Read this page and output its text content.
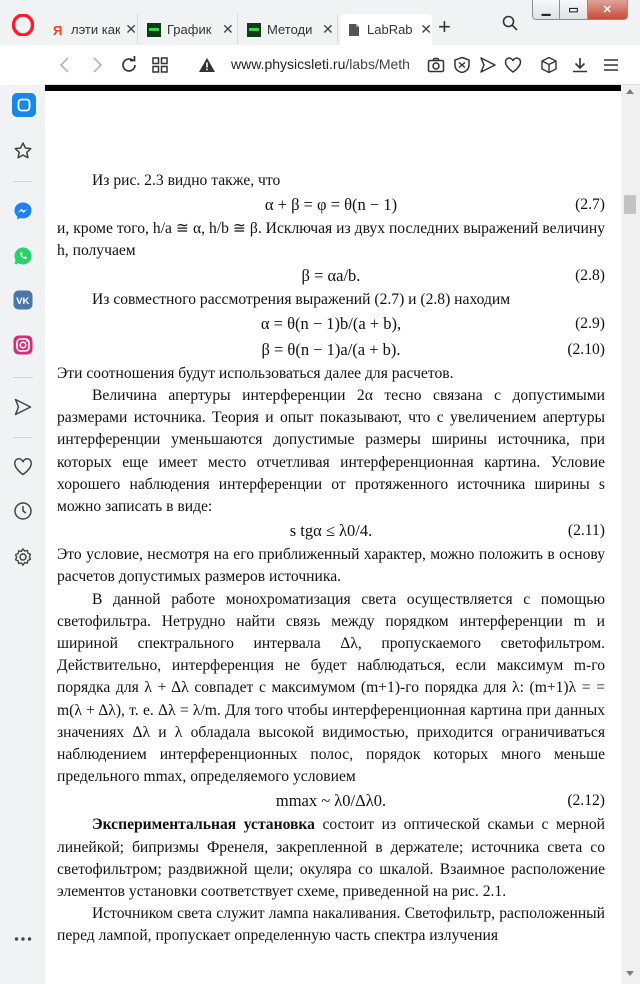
Я лэти как ✕ График ✕	Методи ✕	LabRab ✕ +
▁	▭	✕
www.physicsleti.ru/labs/Meth
VK

Из рис. 2.3 видно также, что

α + β = φ = θ(n − 1)	(2.7)

и, кроме того, h/a ≅ α, h/b ≅ β. Исключая из двух последних выражений величину h, получаем

β = αa/b.	(2.8)

Из совместного рассмотрения выражений (2.7) и (2.8) находим

α = θ(n − 1)b/(a + b),	(2.9)
β = θ(n − 1)a/(a + b).	(2.10)

Эти соотношения будут использоваться далее для расчетов.

Величина апертуры интерференции 2α тесно связана с допустимыми размерами источника. Теория и опыт показывают, что с увеличением апертуры интерференции уменьшаются допустимые размеры ширины источника, при которых еще имеет место отчетливая интерференционная картина. Условие хорошего наблюдения интерференции от протяженного источника ширины s можно записать в виде:

s tgα ≤ λ0/4.	(2.11)

Это условие, несмотря на его приближенный характер, можно положить в основу расчетов допустимых размеров источника.

В данной работе монохроматизация света осуществляется с помощью светофильтра. Нетрудно найти связь между порядком интерференции m и шириной спектрального интервала Δλ, пропускаемого светофильтром. Действительно, интерференция не будет наблюдаться, если максимум m-го порядка для λ + Δλ совпадет с максимумом (m+1)-го порядка для λ: (m+1)λ = = m(λ + Δλ), т. е. Δλ = λ/m. Для того чтобы интерференционная картина при данных значениях Δλ и λ обладала высокой видимостью, приходится ограничиваться наблюдением интерференционных полос, порядок которых много меньше предельного mmax, определяемого условием

mmax ~ λ0/Δλ0.	(2.12)

Экспериментальная установка состоит из оптической скамьи с мерной линейкой; бипризмы Френеля, закрепленной в держателе; источника света со светофильтром; раздвижной щели; окуляра со шкалой. Взаимное расположение элементов установки соответствует схеме, приведенной на рис. 2.1.

Источником света служит лампа накаливания. Светофильтр, расположенный перед лампой, пропускает определенную часть спектра излучения
